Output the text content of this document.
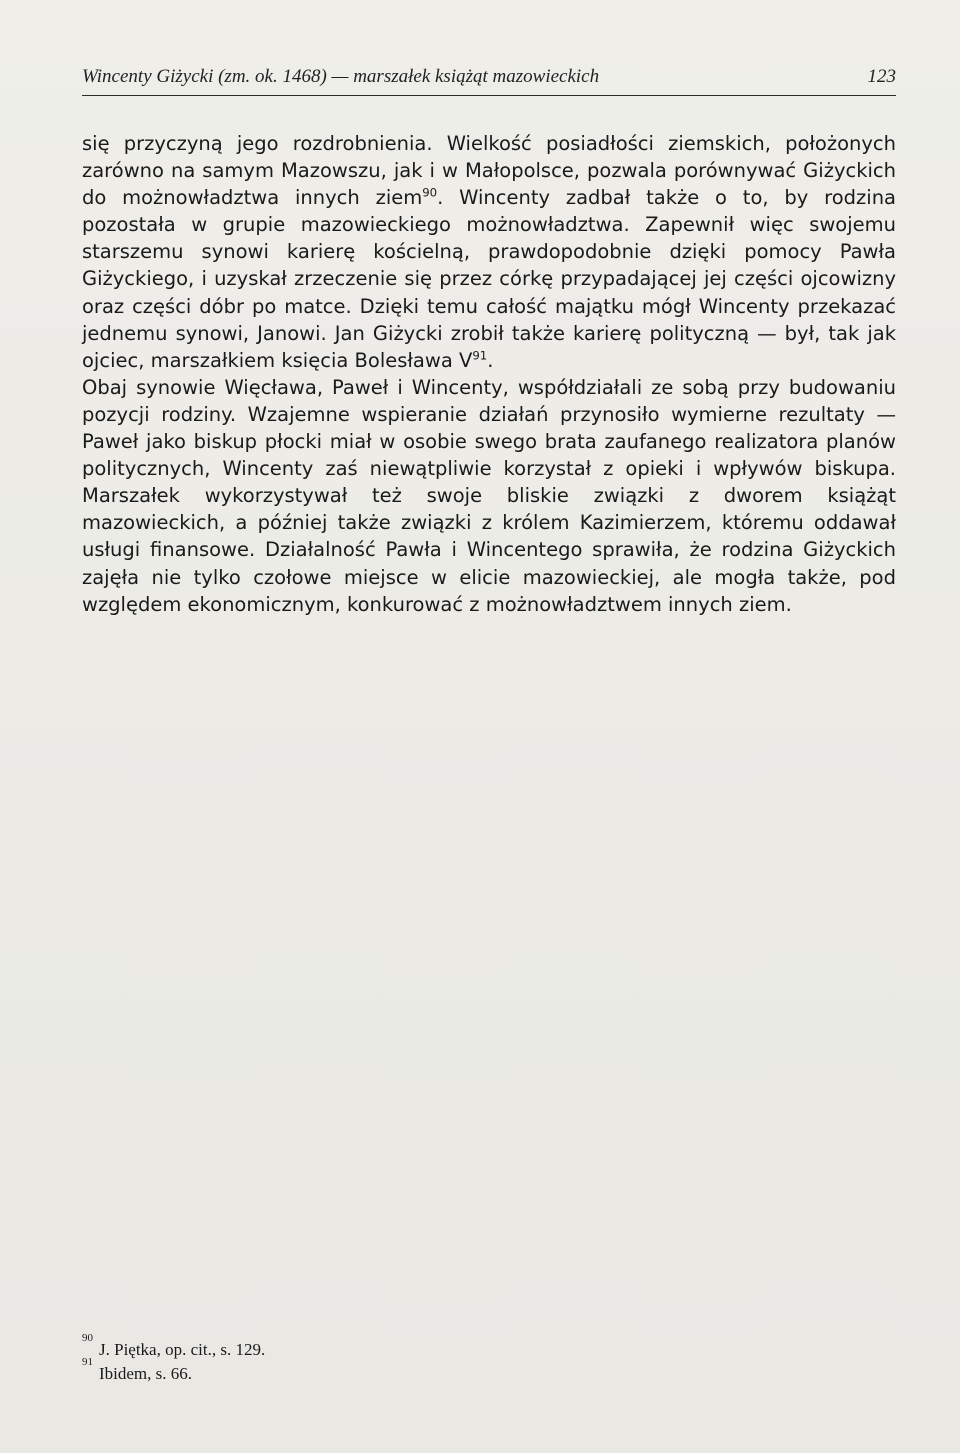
Wincenty Giżycki (zm. ok. 1468) — marszałek książąt mazowieckich	123

się przyczyną jego rozdrobnienia. Wielkość posiadłości ziemskich, położonych zarówno na samym Mazowszu, jak i w Małopolsce, pozwala porównywać Giżyckich do możnowładztwa innych ziem$^{90}$. Wincenty zadbał także o to, by rodzina pozostała w grupie mazowieckiego możnowładztwa. Zapewnił więc swojemu starszemu synowi karierę kościelną, prawdopodobnie dzięki pomocy Pawła Giżyckiego, i uzyskał zrzeczenie się przez córkę przypadającej jej części ojcowizny oraz części dóbr po matce. Dzięki temu całość majątku mógł Wincenty przekazać jednemu synowi, Janowi. Jan Giżycki zrobił także karierę polityczną — był, tak jak ojciec, marszałkiem księcia Bolesława $V^{91}$.

Obaj synowie Więcława, Paweł i Wincenty, współdziałali ze sobą przy budowaniu pozycji rodziny. Wzajemne wspieranie działań przynosiło wymierne rezultaty — Paweł jako biskup płocki miał w osobie swego brata zaufanego realizatora planów politycznych, Wincenty zaś niewątpliwie korzystał z opieki i wpływów biskupa. Marszałek wykorzystywał też swoje bliskie związki z dworem książąt mazowieckich, a później także związki z królem Kazimierzem, któremu oddawał usługi finansowe. Działalność Pawła i Wincentego sprawiła, że rodzina Giżyckich zajęła nie tylko czołowe miejsce w elicie mazowieckiej, ale mogła także, pod względem ekonomicznym, konkurować z możnowładztwem innych ziem.

90
J. Piętka, op. cit., s. 129.
91
Ibidem, s. 66.
